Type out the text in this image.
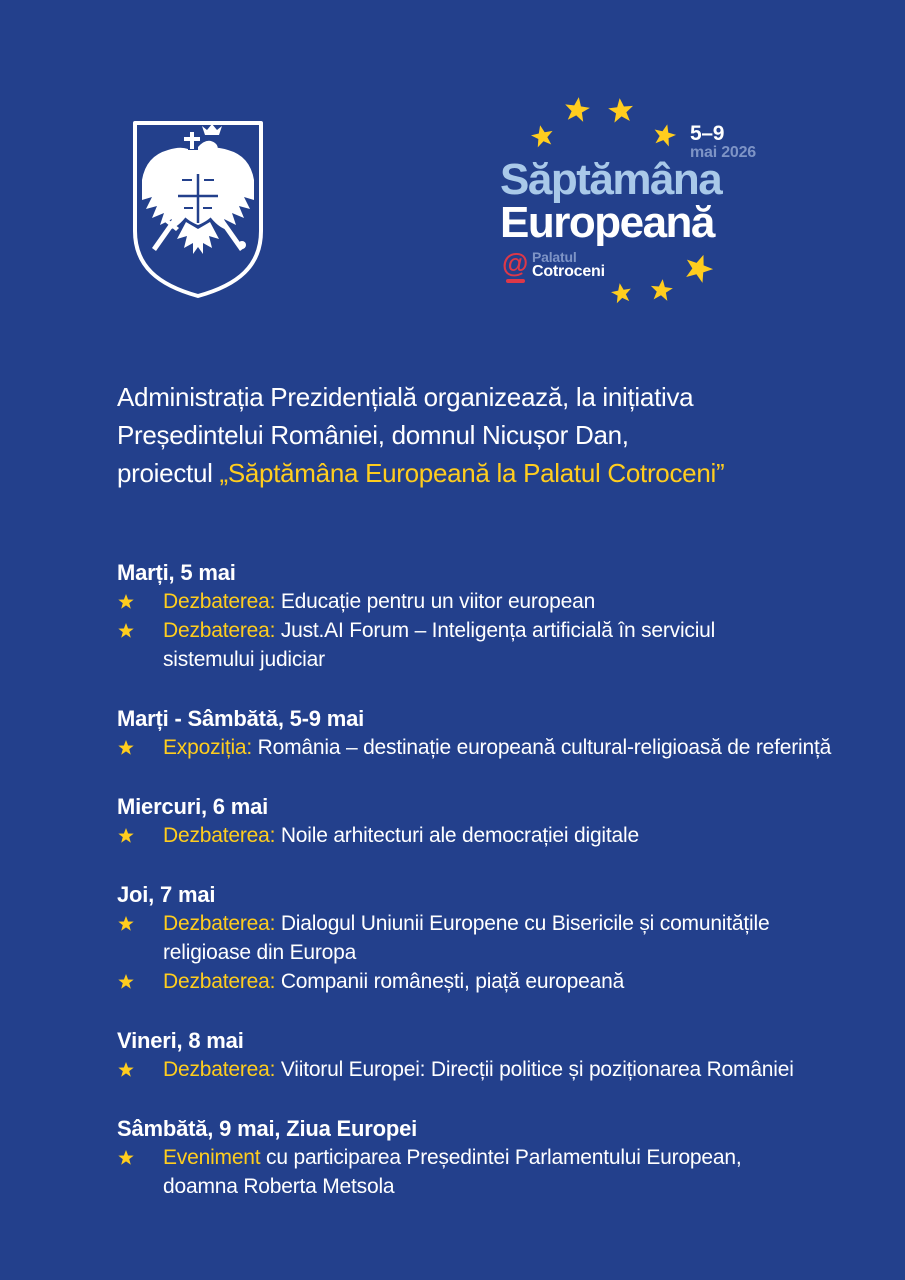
5–9
mai 2026
Săptămâna
Europeană
@ Palatul
Cotroceni
Administrația Prezidențială organizează, la inițiativa
Președintelui României, domnul Nicușor Dan,
proiectul „Săptămâna Europeană la Palatul Cotroceni”
Marți, 5 mai
Dezbaterea: Educație pentru un viitor european
Dezbaterea: Just.AI Forum – Inteligența artificială în serviciul
sistemului judiciar
Marți - Sâmbătă, 5-9 mai
Expoziția: România – destinație europeană cultural-religioasă de referință
Miercuri, 6 mai
Dezbaterea: Noile arhitecturi ale democrației digitale
Joi, 7 mai
Dezbaterea: Dialogul Uniunii Europene cu Bisericile și comunitățile
religioase din Europa
Dezbaterea: Companii românești, piață europeană
Vineri, 8 mai
Dezbaterea: Viitorul Europei: Direcții politice și poziționarea României
Sâmbătă, 9 mai, Ziua Europei
Eveniment cu participarea Președintei Parlamentului European,
doamna Roberta Metsola
